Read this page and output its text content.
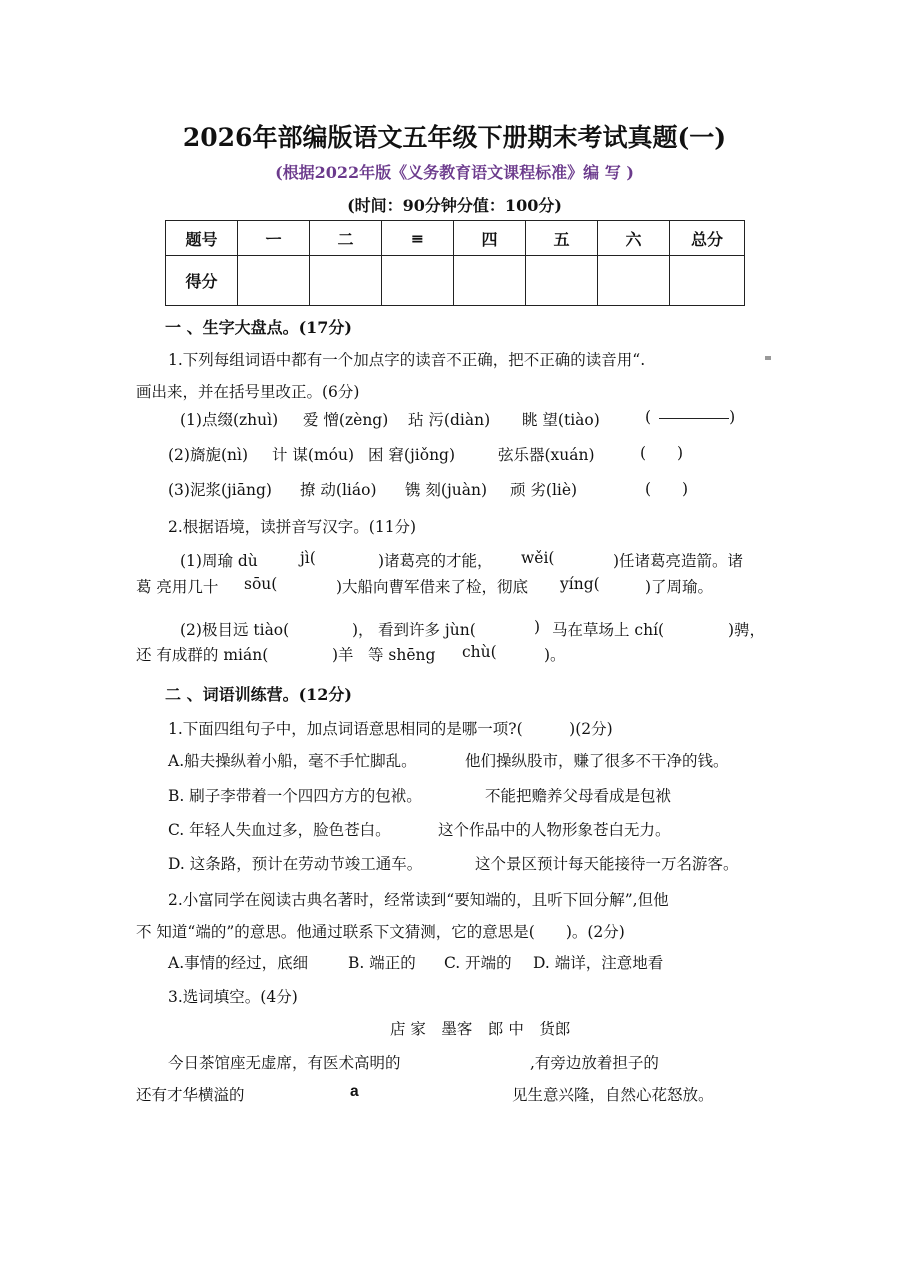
2026年部编版语文五年级下册期末考试真题(一)
(根据2022年版《义务教育语文课程标准》编 写 )
(时间：90分钟分值：100分)
题号	ㅡ	二	≡	四	五	六	总分
得分							
一 、生字大盘点。(17分)
1.下列每组词语中都有一个加点字的读音不正确，把不正确的读音用“.
画出来，并在括号里改正。(6分)
(1)点缀(zhuì) 爱 憎(zèng) 玷 污(diàn) 眺 望(tiào)	(	)
(2)旖旎(nì) 计 谋(móu) 困 窘(jiǒng)	弦乐器(xuán)	(　　)
(3)泥浆(jiāng) 撩 动(liáo) 镌 刻(juàn) 顽 劣(liè)	(　　)
2.根据语境，读拼音写汉字。(11分)
(1)周瑜 dù	jì(	)诸葛亮的才能， wěi(	)任诸葛亮造箭。诸
葛 亮用几十 sōu(	)大船向曹军借来了检，彻底 yíng(	)了周瑜。
(2)极目远 tiào(	)， 看到许多 jùn(	) 马在草场上 chí(	)骋，
还 有成群的 mián(	)羊 等 shēng chù(	)。
二 、词语训练营。(12分)
1.下面四组句子中，加点词语意思相同的是哪一项?(　　　)(2分)
A.船夫操纵着小船，毫不手忙脚乱。	他们操纵股市，赚了很多不干净的钱。
B. 刷子李带着一个四四方方的包袱。	不能把赡养父母看成是包袱
C. 年轻人失血过多，脸色苍白。	这个作品中的人物形象苍白无力。
D. 这条路，预计在劳动节竣工通车。	这个景区预计每天能接待一万名游客。
2.小富同学在阅读古典名著时，经常读到“要知端的，且听下回分解”,但他
不 知道“端的”的意思。他通过联系下文猜测，它的意思是(　　)。(2分)
A.事情的经过，底细	B. 端正的 C. 开端的 D. 端详，注意地看
3.选词填空。(4分)
店 家　墨客　郎 中　货郎
今日茶馆座无虚席，有医术高明的	,有旁边放着担子的
还有才华横溢的	a	见生意兴隆，自然心花怒放。
